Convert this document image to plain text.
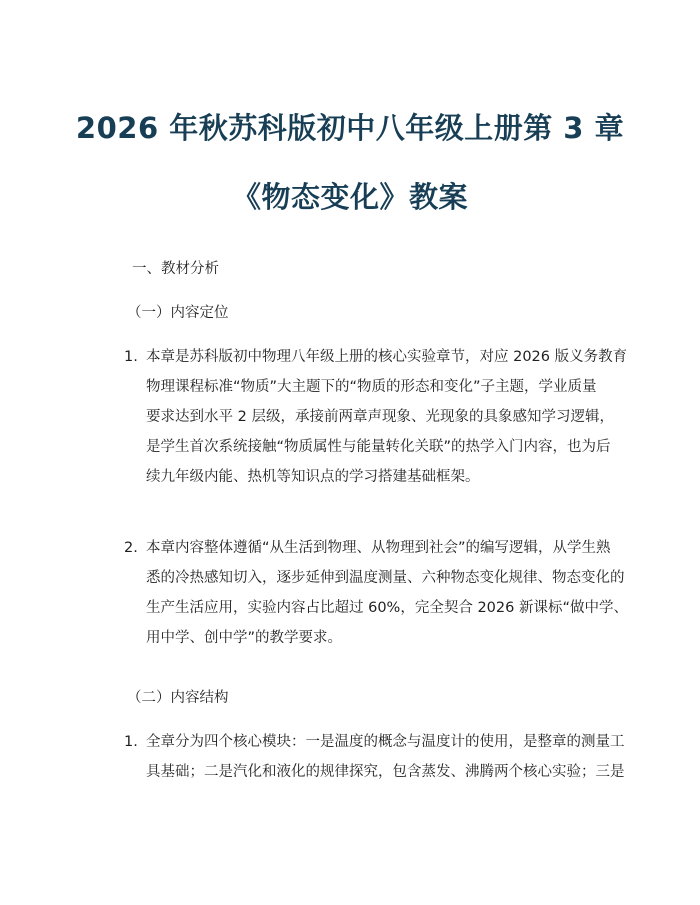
2026 年秋苏科版初中八年级上册第 3 章
《物态变化》教案
一、教材分析
（一）内容定位
1. 本章是苏科版初中物理八年级上册的核心实验章节，对应 2026 版义务教育
物理课程标准“物质”大主题下的“物质的形态和变化”子主题，学业质量
要求达到水平 2 层级，承接前两章声现象、光现象的具象感知学习逻辑，
是学生首次系统接触“物质属性与能量转化关联”的热学入门内容，也为后
续九年级内能、热机等知识点的学习搭建基础框架。
2. 本章内容整体遵循“从生活到物理、从物理到社会”的编写逻辑，从学生熟
悉的冷热感知切入，逐步延伸到温度测量、六种物态变化规律、物态变化的
生产生活应用，实验内容占比超过 60%，完全契合 2026 新课标“做中学、
用中学、创中学”的教学要求。
（二）内容结构
1. 全章分为四个核心模块：一是温度的概念与温度计的使用，是整章的测量工
具基础；二是汽化和液化的规律探究，包含蒸发、沸腾两个核心实验；三是
